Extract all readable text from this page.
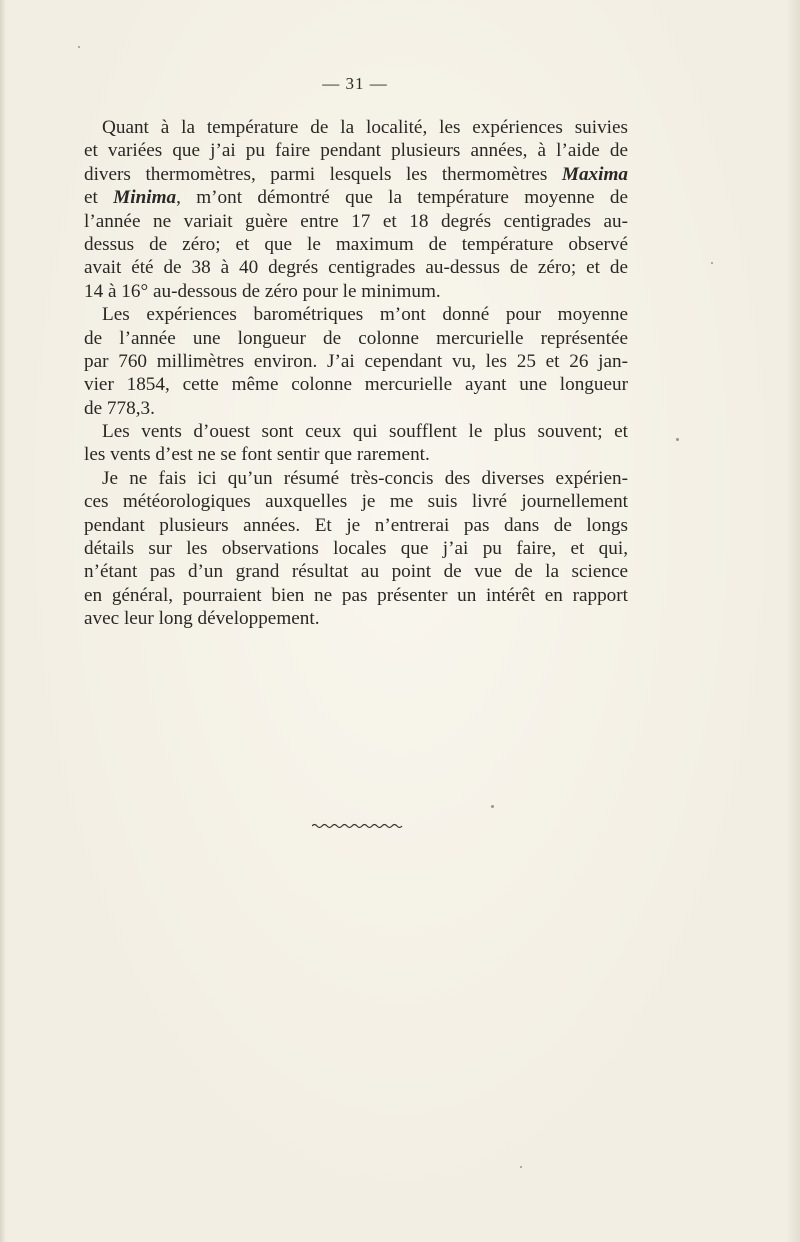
— 31 —
Quant à la température de la localité, les expériences suivies
et variées que j’ai pu faire pendant plusieurs années, à l’aide de
divers thermomètres, parmi lesquels les thermomètres Maxima
et Minima, m’ont démontré que la température moyenne de
l’année ne variait guère entre 17 et 18 degrés centigrades au-
dessus de zéro; et que le maximum de température observé
avait été de 38 à 40 degrés centigrades au-dessus de zéro; et de
14 à 16° au-dessous de zéro pour le minimum.
Les expériences barométriques m’ont donné pour moyenne
de l’année une longueur de colonne mercurielle représentée
par 760 millimètres environ. J’ai cependant vu, les 25 et 26 jan-
vier 1854, cette même colonne mercurielle ayant une longueur
de 778,3.
Les vents d’ouest sont ceux qui soufflent le plus souvent; et
les vents d’est ne se font sentir que rarement.
Je ne fais ici qu’un résumé très-concis des diverses expérien-
ces météorologiques auxquelles je me suis livré journellement
pendant plusieurs années. Et je n’entrerai pas dans de longs
détails sur les observations locales que j’ai pu faire, et qui,
n’étant pas d’un grand résultat au point de vue de la science
en général, pourraient bien ne pas présenter un intérêt en rapport
avec leur long développement.
